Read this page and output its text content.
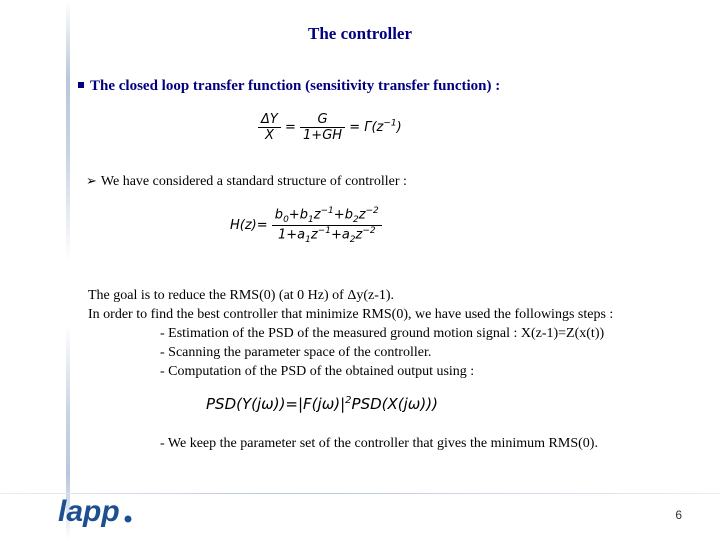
The controller
The closed loop transfer function (sensitivity transfer function) :
$\frac{\Delta Y}{X} = \frac{G}{1+GH} = \Gamma(z^{-1})$
➢ We have considered a standard structure of controller :
$H(z)= \frac{b_0+b_1z^{-1}+b_2z^{-2}}{1+a_1z^{-1}+a_2z^{-2}}$
The goal is to reduce the RMS(0) (at 0 Hz) of Δy(z-1).
In order to find the best controller that minimize RMS(0), we have used the followings steps :
- Estimation of the PSD of the measured ground motion signal : X(z-1)=Z(x(t))
- Scanning the parameter space of the controller.
- Computation of the PSD of the obtained output using :
$PSD(Y(j\omega))=|F(j\omega)|^2PSD(X(j\omega))$)
- We keep the parameter set of the controller that gives the minimum RMS(0).
lapp	6
